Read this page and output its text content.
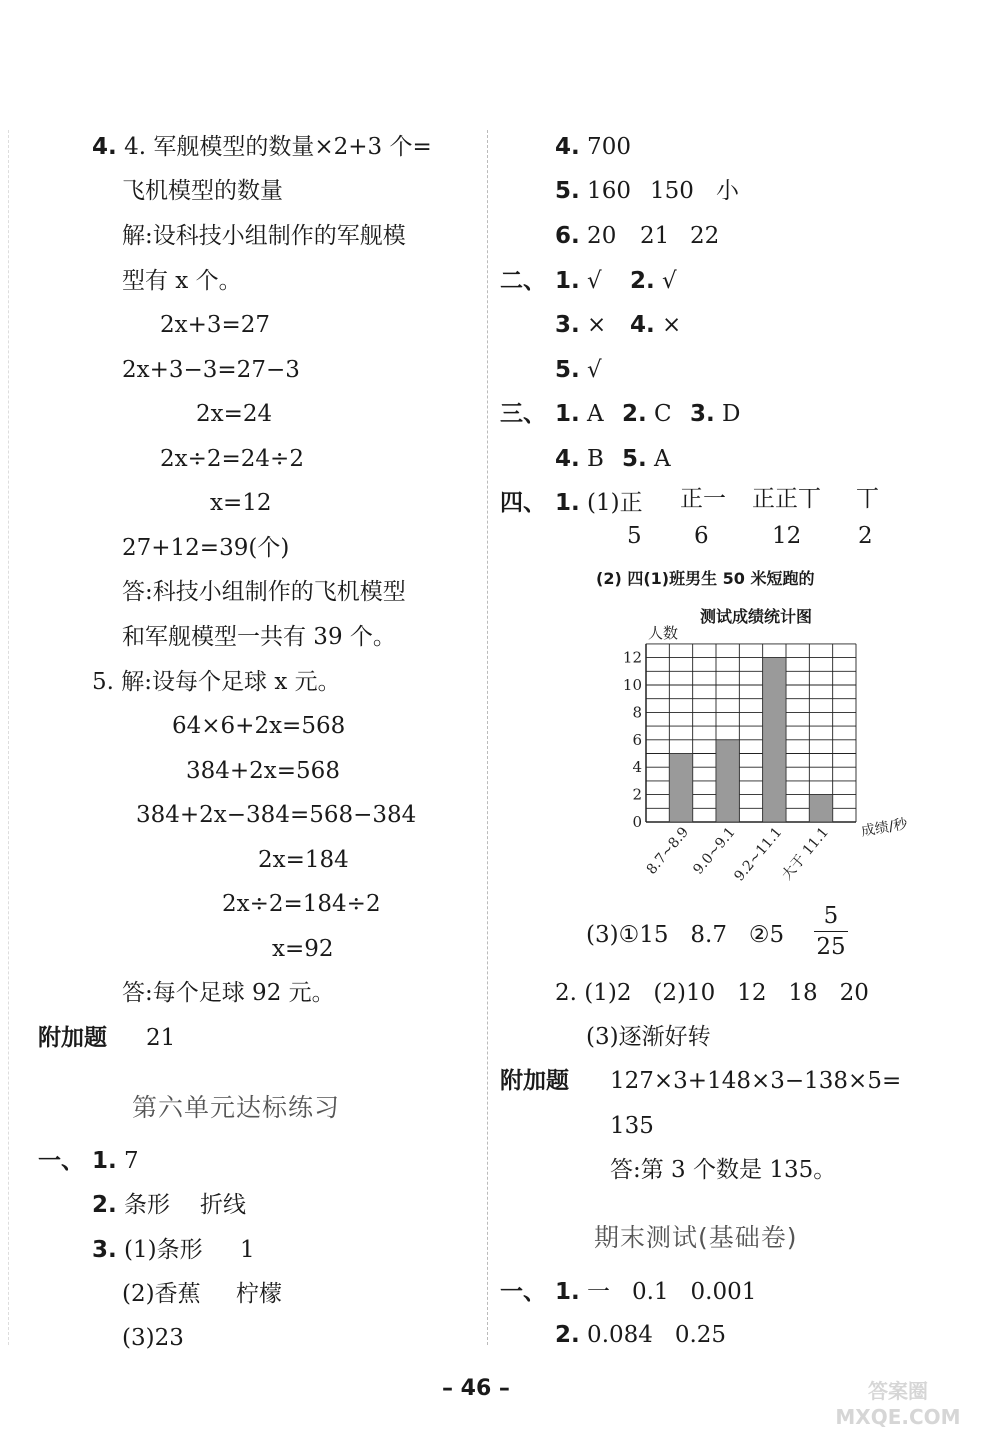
4. 4. 军舰模型的数量×2+3 个=
飞机模型的数量
解:设科技小组制作的军舰模
型有 x 个。
2x+3=27
2x+3−3=27−3
2x=24
2x÷2=24÷2
x=12
27+12=39(个)
答:科技小组制作的飞机模型
和军舰模型一共有 39 个。
5. 解:设每个足球 x 元。
64×6+2x=568
384+2x=568
384+2x−384=568−384
2x=184
2x÷2=184÷2
x=92
答:每个足球 92 元。
附加题 21
第六单元达标练习
一、 1. 7
2. 条形 折线
3. (1)条形 1
(2)香蕉 柠檬
(3)23
4. 700
5. 160 150 小
6. 20 21 22
二、 1. √ 2. √
3. × 4. ×
5. √
三、 1. A 2. C 3. D
4. B 5. A
四、 1. (1)正 正一 正正丅 丅
5 6	12 2
(2) 四(1)班男生 50 米短跑的
测试成绩统计图
0
2
4
6
8
10
12
人数
8.7~8.9
9.0~9.1
9.2~11.1
大于 11.1 成绩/秒
(3)①15   8.7   ②5
5
25
2. (1)2   (2)10   12   18   20
(3)逐渐好转
附加题 127×3+148×3−138×5=
135
答:第 3 个数是 135。
期末测试(基础卷)
一、 1. 一   0.1   0.001
2. 0.084   0.25
– 46 –	答案圈 MXQE.COM
